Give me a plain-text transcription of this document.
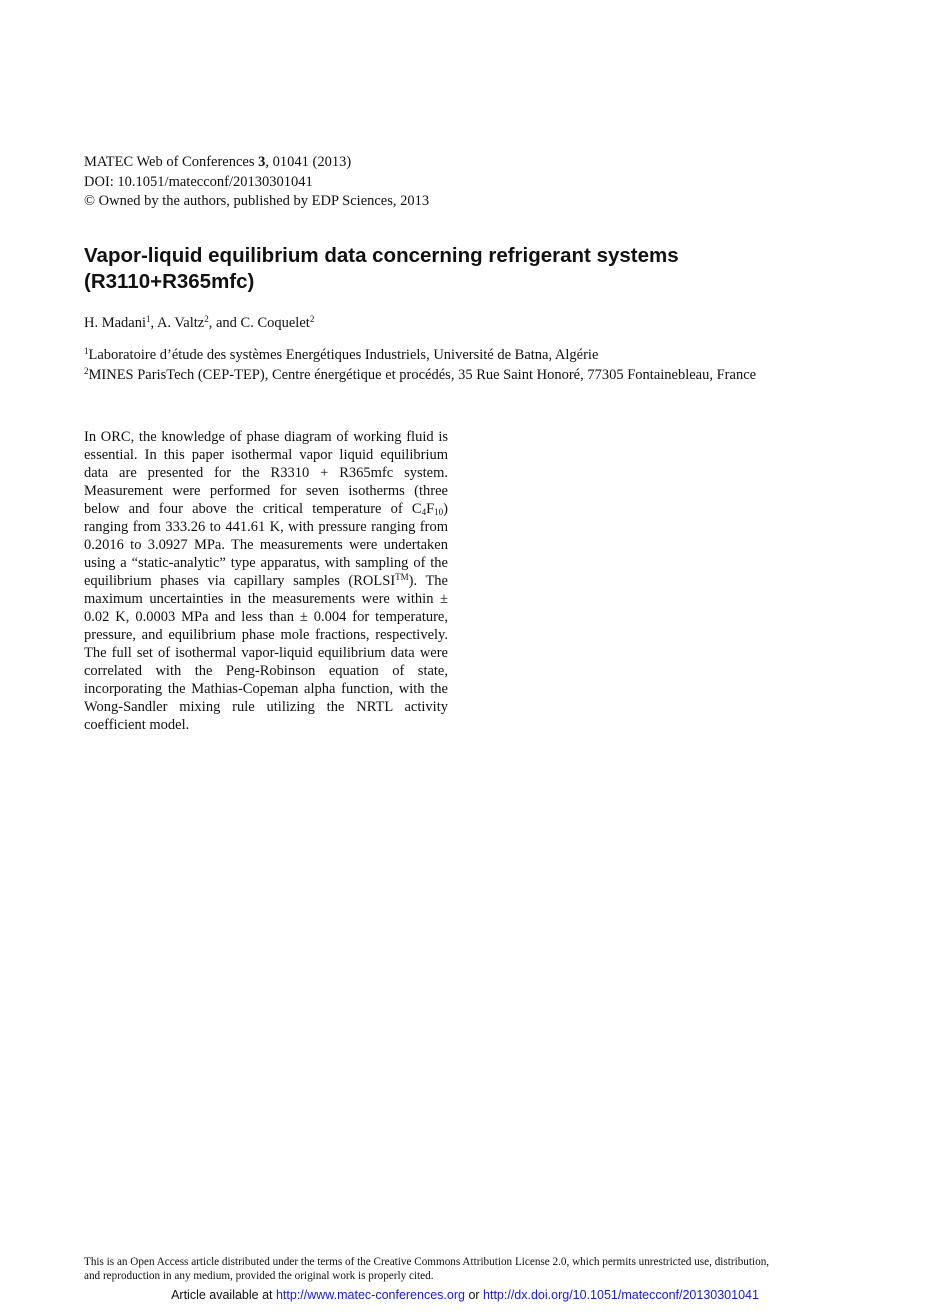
MATEC Web of Conferences 3, 01041 (2013)
DOI: 10.1051/matecconf/20130301041
© Owned by the authors, published by EDP Sciences, 2013
Vapor-liquid equilibrium data concerning refrigerant systems
(R3110+R365mfc)
H. Madani$^1$, A. Valtz$^2$, and C. Coquelet$^2$
$^1$Laboratoire d’étude des systèmes Energétiques Industriels, Université de Batna, Algérie
$^2$MINES ParisTech (CEP-TEP), Centre énergétique et procédés, 35 Rue Saint Honoré, 77305 Fontainebleau, France

In ORC, the knowledge of phase diagram of working fluid is essential. In this paper isothermal vapor liquid equilibrium data are presented for the R3310 + R365mfc system. Measurement were performed for seven isotherms (three below and four above the critical temperature of $C_4F_{10}$) ranging from 333.26 to 441.61 K, with pressure ranging from 0.2016 to 3.0927 MPa. The measurements were undertaken using a “static-analytic” type apparatus, with sampling of the equilibrium phases via capillary samples (ROLSI™). The maximum uncertainties in the measurements were within ± 0.02 K, 0.0003 MPa and less than ± 0.004 for temperature, pressure, and equilibrium phase mole fractions, respectively. The full set of isothermal vapor-liquid equilibrium data were correlated with the Peng-Robinson equation of state, incorporating the Mathias-Copeman alpha function, with the Wong-Sandler mixing rule utilizing the NRTL activity coefficient model.

This is an Open Access article distributed under the terms of the Creative Commons Attribution License 2.0, which permits unrestricted use, distribution,
and reproduction in any medium, provided the original work is properly cited.
Article available at http://www.matec-conferences.org or http://dx.doi.org/10.1051/matecconf/20130301041
